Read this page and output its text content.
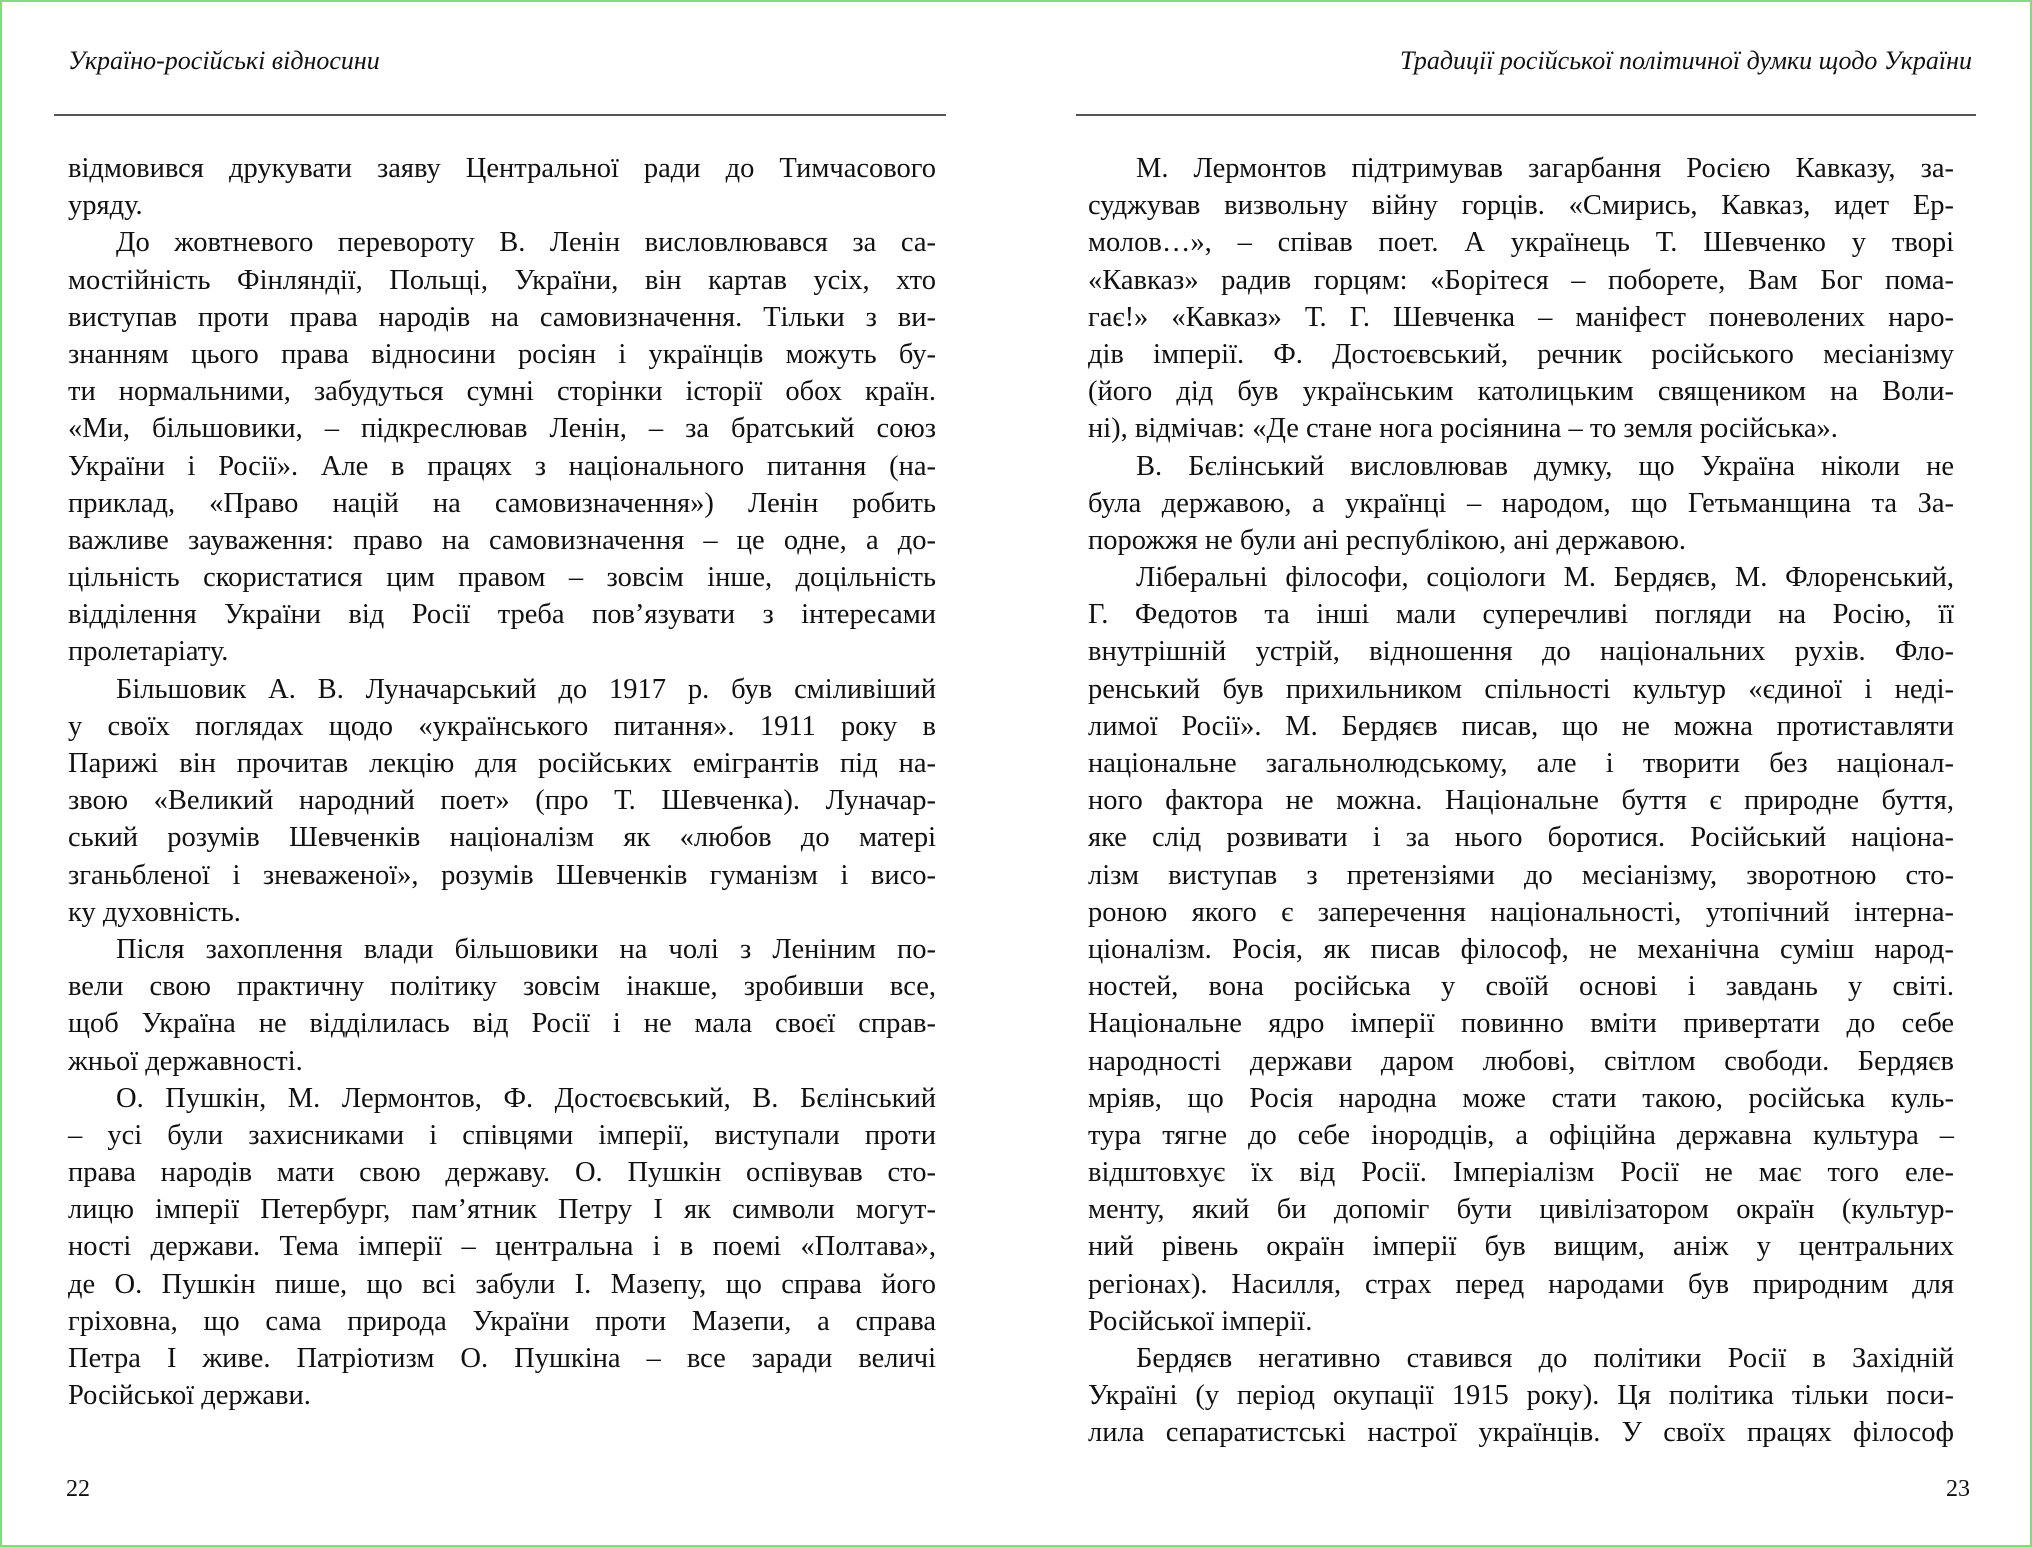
Україно-російські відносини
відмовився друкувати заяву Центральної ради до Тимчасового
уряду.
До жовтневого перевороту В. Ленін висловлювався за са-
мостійність Фінляндії, Польщі, України, він картав усіх, хто
виступав проти права народів на самовизначення. Тільки з ви-
знанням цього права відносини росіян і українців можуть бу-
ти нормальними, забудуться сумні сторінки історії обох країн.
«Ми, більшовики, – підкреслював Ленін, – за братський союз
України і Росії». Але в працях з національного питання (на-
приклад, «Право націй на самовизначення») Ленін робить
важливе зауваження: право на самовизначення – це одне, а до-
цільність скористатися цим правом – зовсім інше, доцільність
відділення України від Росії треба пов’язувати з інтересами
пролетаріату.
Більшовик А. В. Луначарський до 1917 р. був сміливіший
у своїх поглядах щодо «українського питання». 1911 року в
Парижі він прочитав лекцію для російських емігрантів під на-
звою «Великий народний поет» (про Т. Шевченка). Луначар-
ський розумів Шевченків націоналізм як «любов до матері
зганьбленої і зневаженої», розумів Шевченків гуманізм і висо-
ку духовність.
Після захоплення влади більшовики на чолі з Леніним по-
вели свою практичну політику зовсім інакше, зробивши все,
щоб Україна не відділилась від Росії і не мала своєї справ-
жньої державності.
О. Пушкін, М. Лермонтов, Ф. Достоєвський, В. Бєлінський
– усі були захисниками і співцями імперії, виступали проти
права народів мати свою державу. О. Пушкін оспівував сто-
лицю імперії Петербург, пам’ятник Петру І як символи могут-
ності держави. Тема імперії – центральна і в поемі «Полтава»,
де О. Пушкін пише, що всі забули І. Мазепу, що справа його
гріховна, що сама природа України проти Мазепи, а справа
Петра І живе. Патріотизм О. Пушкіна – все заради величі
Російської держави.
22
Традиції російської політичної думки щодо України
М. Лермонтов підтримував загарбання Росією Кавказу, за-
суджував визвольну війну горців. «Смирись, Кавказ, идет Ер-
молов…», – співав поет. А українець Т. Шевченко у творі
«Кавказ» радив горцям: «Борітеся – поборете, Вам Бог пома-
гає!» «Кавказ» Т. Г. Шевченка – маніфест поневолених наро-
дів імперії. Ф. Достоєвський, речник російського месіанізму
(його дід був українським католицьким священиком на Воли-
ні), відмічав: «Де стане нога росіянина – то земля російська».
В. Бєлінський висловлював думку, що Україна ніколи не
була державою, а українці – народом, що Гетьманщина та За-
порожжя не були ані республікою, ані державою.
Ліберальні філософи, соціологи М. Бердяєв, М. Флоренський,
Г. Федотов та інші мали суперечливі погляди на Росію, її
внутрішній устрій, відношення до національних рухів. Фло-
ренський був прихильником спільності культур «єдиної і неді-
лимої Росії». М. Бердяєв писав, що не можна протиставляти
національне загальнолюдському, але і творити без націонал-
ного фактора не можна. Національне буття є природне буття,
яке слід розвивати і за нього боротися. Російський націона-
лізм виступав з претензіями до месіанізму, зворотною сто-
роною якого є заперечення національності, утопічний інтерна-
ціоналізм. Росія, як писав філософ, не механічна суміш народ-
ностей, вона російська у своїй основі і завдань у світі.
Національне ядро імперії повинно вміти привертати до себе
народності держави даром любові, світлом свободи. Бердяєв
мріяв, що Росія народна може стати такою, російська куль-
тура тягне до себе інородців, а офіційна державна культура –
відштовхує їх від Росії. Імперіалізм Росії не має того еле-
менту, який би допоміг бути цивілізатором окраїн (культур-
ний рівень окраїн імперії був вищим, аніж у центральних
регіонах). Насилля, страх перед народами був природним для
Російської імперії.
Бердяєв негативно ставився до політики Росії в Західній
Україні (у період окупації 1915 року). Ця політика тільки поси-
лила сепаратистські настрої українців. У своїх працях філософ
23
